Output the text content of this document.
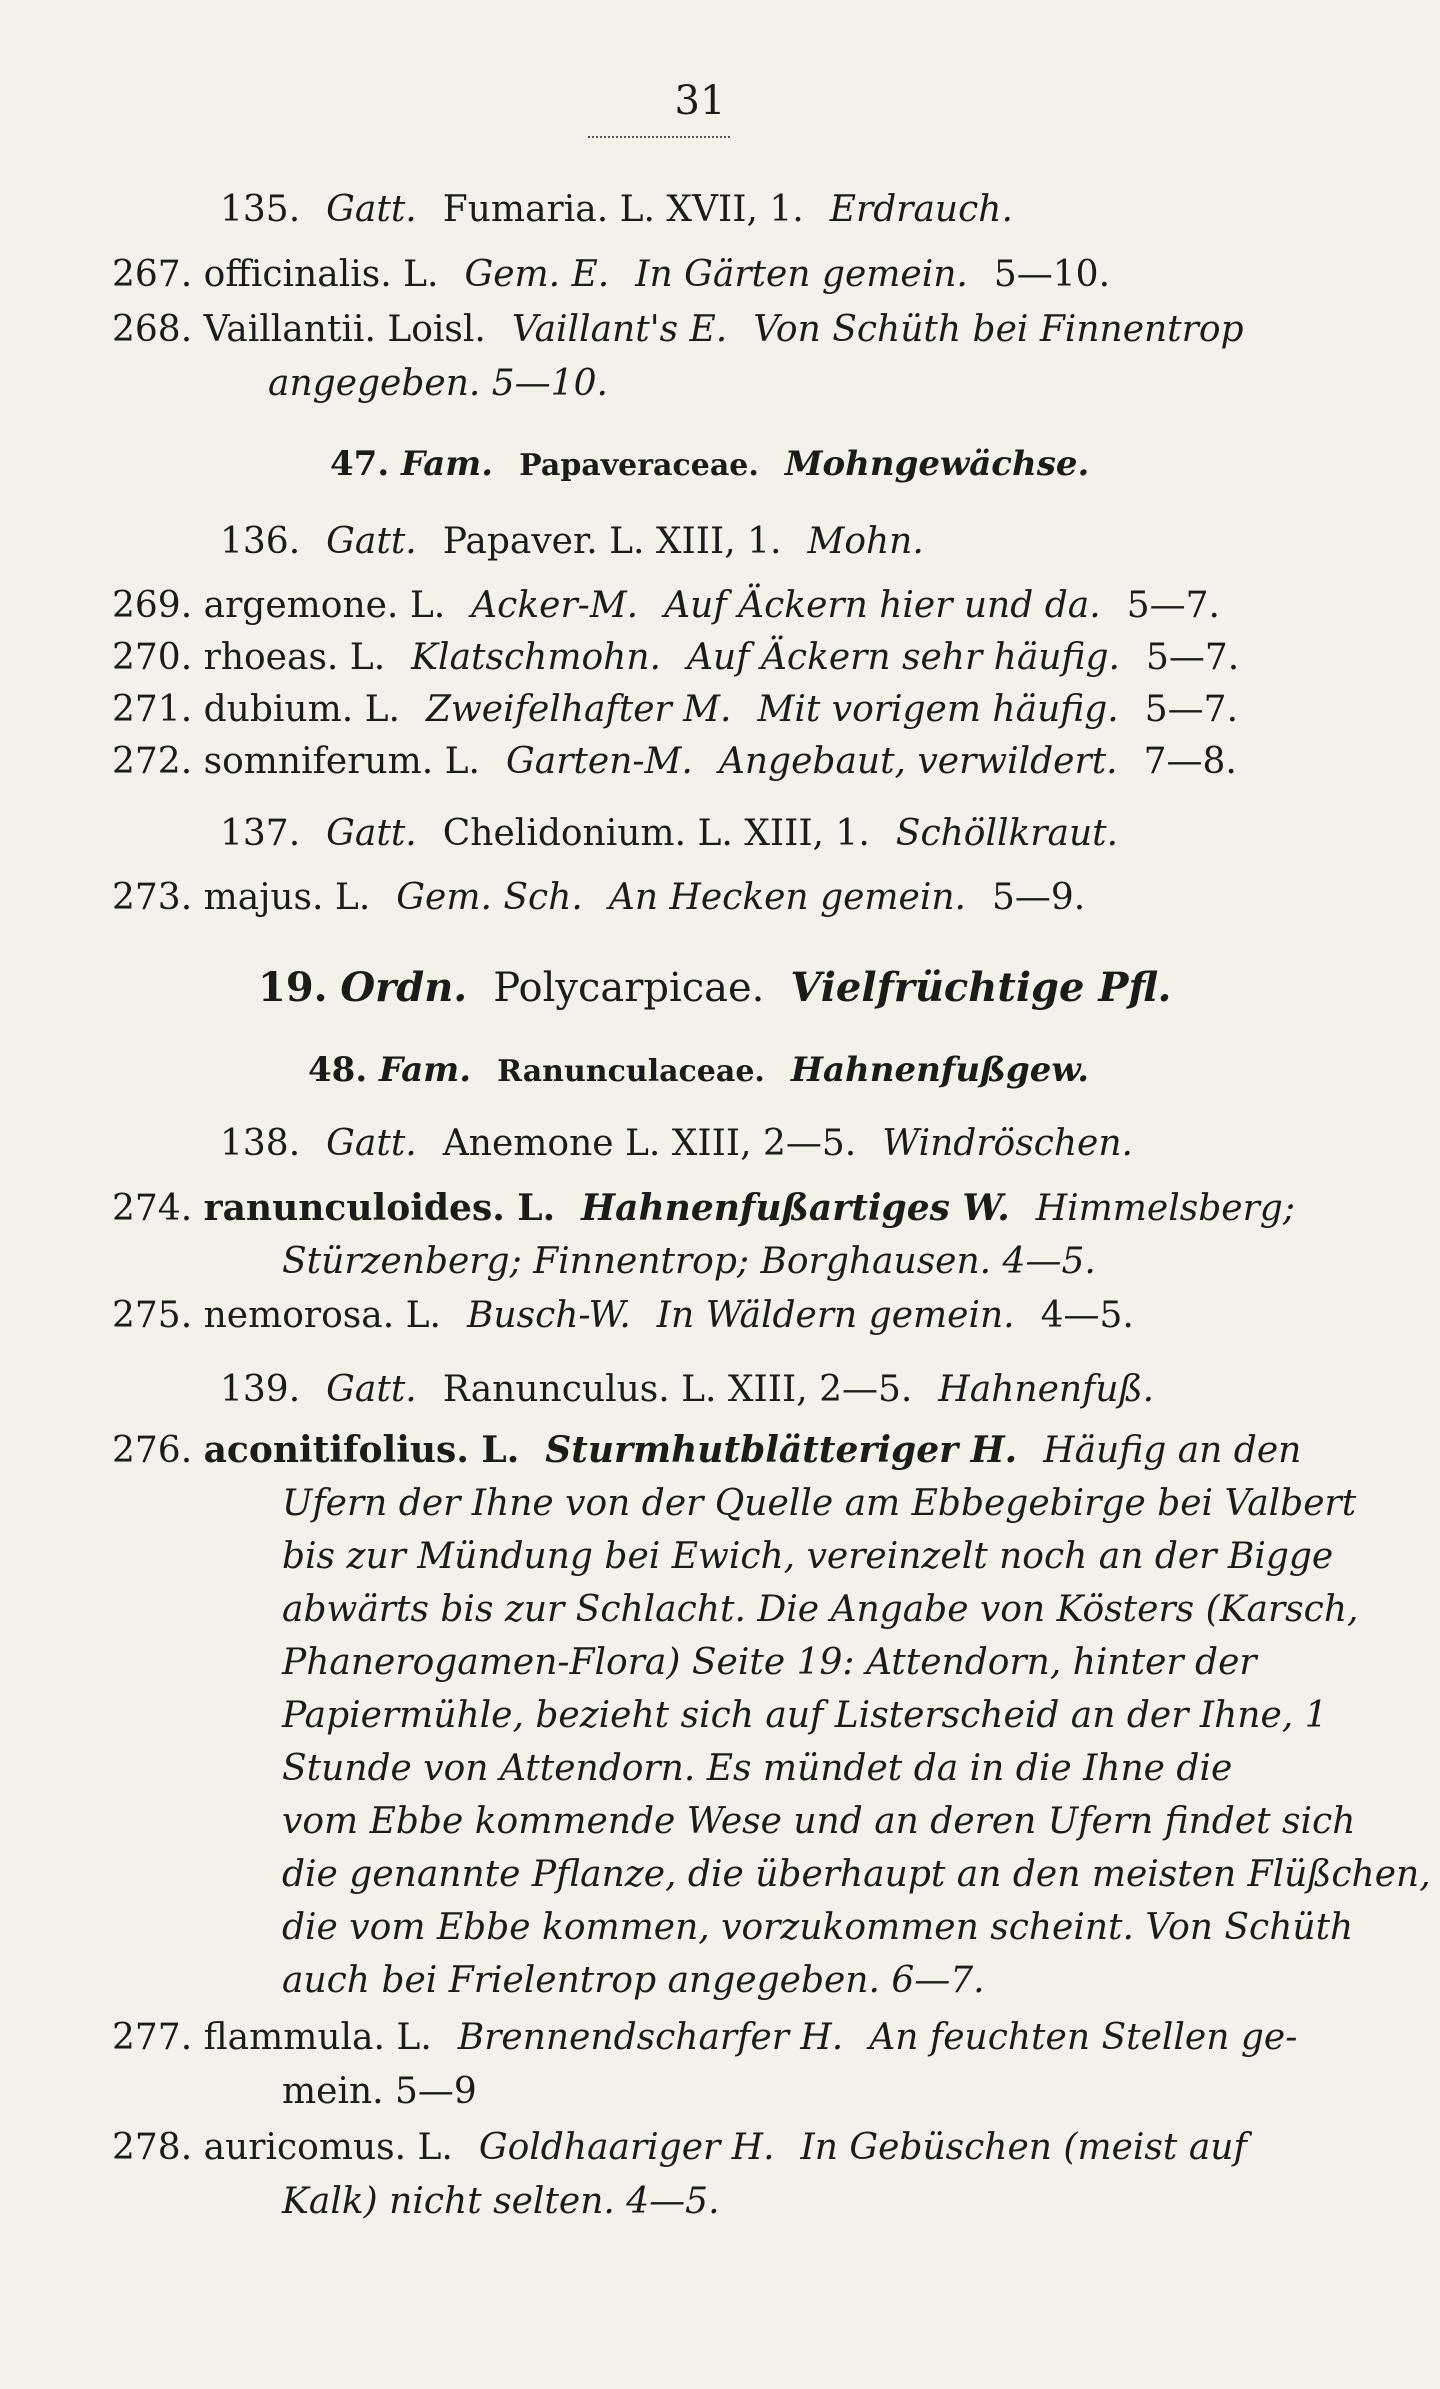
31
135. Gatt. Fumaria. L. XVII, 1. Erdrauch.
267. officinalis. L. Gem. E. In Gärten gemein. 5—10.
268. Vaillantii. Loisl. Vaillant's E. Von Schüth bei Finnentrop
angegeben. 5—10.
47. Fam. Papaveraceae. Mohngewächse.
136. Gatt. Papaver. L. XIII, 1. Mohn.
269. argemone. L. Acker-M. Auf Äckern hier und da. 5—7.
270. rhoeas. L. Klatschmohn. Auf Äckern sehr häufig. 5—7.
271. dubium. L. Zweifelhafter M. Mit vorigem häufig. 5—7.
272. somniferum. L. Garten-M. Angebaut, verwildert. 7—8.
137. Gatt. Chelidonium. L. XIII, 1. Schöllkraut.
273. majus. L. Gem. Sch. An Hecken gemein. 5—9.
19. Ordn. Polycarpicae. Vielfrüchtige Pfl.
48. Fam. Ranunculaceae. Hahnenfußgew.
138. Gatt. Anemone L. XIII, 2—5. Windröschen.
274. ranunculoides. L. Hahnenfußartiges W. Himmelsberg;
Stürzenberg; Finnentrop; Borghausen. 4—5.
275. nemorosa. L. Busch-W. In Wäldern gemein. 4—5.
139. Gatt. Ranunculus. L. XIII, 2—5. Hahnenfuß.
276. aconitifolius. L. Sturmhutblätteriger H. Häufig an den
Ufern der Ihne von der Quelle am Ebbegebirge bei Valbert
bis zur Mündung bei Ewich, vereinzelt noch an der Bigge
abwärts bis zur Schlacht. Die Angabe von Kösters (Karsch,
Phanerogamen-Flora) Seite 19: Attendorn, hinter der
Papiermühle, bezieht sich auf Listerscheid an der Ihne, 1
Stunde von Attendorn. Es mündet da in die Ihne die
vom Ebbe kommende Wese und an deren Ufern findet sich
die genannte Pflanze, die überhaupt an den meisten Flüßchen,
die vom Ebbe kommen, vorzukommen scheint. Von Schüth
auch bei Frielentrop angegeben. 6—7.
277. flammula. L. Brennendscharfer H. An feuchten Stellen ge-
mein. 5—9
278. auricomus. L. Goldhaariger H. In Gebüschen (meist auf
Kalk) nicht selten. 4—5.
